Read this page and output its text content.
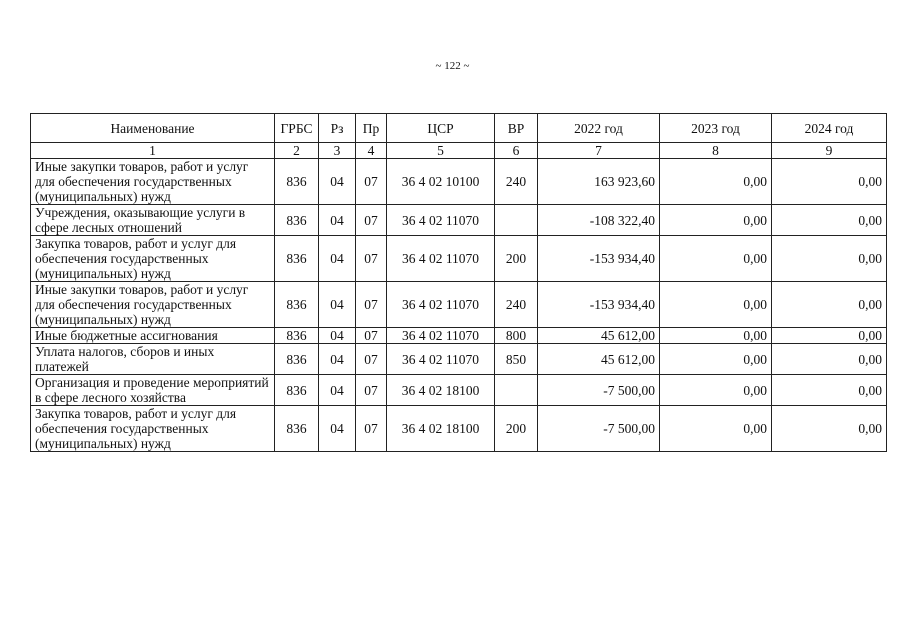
~ 122 ~
Наименование	ГРБС	Рз	Пр	ЦСР	ВР	2022 год	2023 год	2024 год
1	2	3	4	5	6	7	8	9
Иные закупки товаров, работ и услуг для обеспечения государственных (муниципальных) нужд	836	04	07	36 4 02 10100	240	163 923,60	0,00	0,00
Учреждения, оказывающие услуги в сфере лесных отношений	836	04	07	36 4 02 11070		-108 322,40	0,00	0,00
Закупка товаров, работ и услуг для обеспечения государственных (муниципальных) нужд	836	04	07	36 4 02 11070	200	-153 934,40	0,00	0,00
Иные закупки товаров, работ и услуг для обеспечения государственных (муниципальных) нужд	836	04	07	36 4 02 11070	240	-153 934,40	0,00	0,00
Иные бюджетные ассигнования	836	04	07	36 4 02 11070	800	45 612,00	0,00	0,00
Уплата налогов, сборов и иных платежей	836	04	07	36 4 02 11070	850	45 612,00	0,00	0,00
Организация и проведение мероприятий в сфере лесного хозяйства	836	04	07	36 4 02 18100		-7 500,00	0,00	0,00
Закупка товаров, работ и услуг для обеспечения государственных (муниципальных) нужд	836	04	07	36 4 02 18100	200	-7 500,00	0,00	0,00
